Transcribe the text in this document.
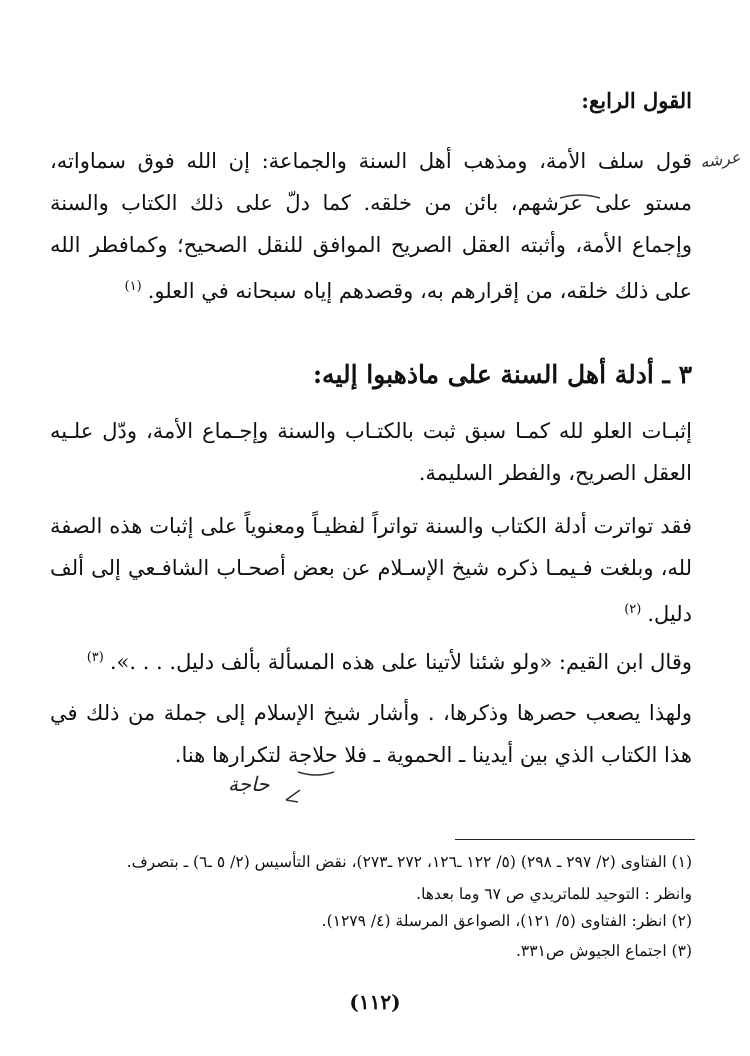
القول الرابع:
عرشه
قول سلف الأمة، ومذهب أهل السنة والجماعة: إن الله فوق سماواته، مستو على عرشهم، بائن من خلقه. كما دلّ على ذلك الكتاب والسنة وإجماع الأمة، وأثبته العقل الصريح الموافق للنقل الصحيح؛ وكمافطر الله على ذلك خلقه، من إقرارهم به، وقصدهم إياه سبحانه في العلو.$^{(١)}$
٣ ـ أدلة أهل السنة على ماذهبوا إليه:
إثبـات العلو لله كمـا سبق ثبت بالكتـاب والسنة وإجـماع الأمة، ودّل علـيه العقل الصريح، والفطر السليمة.
فقد تواترت أدلة الكتاب والسنة تواتراً لفظيـاً ومعنوياً على إثبات هذه الصفة لله، وبلغت فـيمـا ذكره شيخ الإسـلام عن بعض أصحـاب الشافـعي إلى ألف دليل.$^{(٢)}$
وقال ابن القيم: «ولو شئنا لأتينا على هذه المسألة بألف دليل. . . .».$^{(٣)}$
ولهذا يصعب حصرها وذكرها، . وأشار شيخ الإسلام إلى جملة من ذلك في هذا الكتاب الذي بين أيدينا ـ الحموية ـ فلا حلاجة لتكرارها هنا.
حاجة
(١) الفتاوى (٢/ ٢٩٧ ـ ٢٩٨) (٥/ ١٢٢ ـ١٢٦، ٢٧٢ ـ٢٧٣)، نقض التأسيس (٢/ ٥ ـ٦) ـ بتصرف.
وانظر : التوحيد للماتريدي ص ٦٧ وما بعدها.
(٢) انظر: الفتاوى (٥/ ١٢١)، الصواعق المرسلة (٤/ ١٢٧٩).
(٣) اجتماع الجيوش ص٣٣١.
(١١٢)
